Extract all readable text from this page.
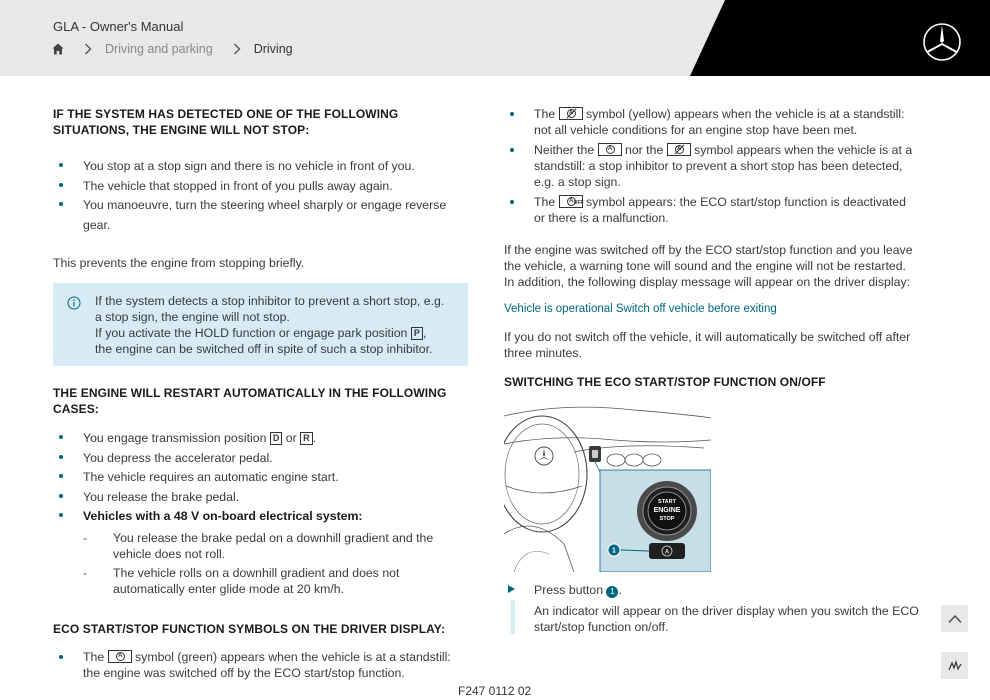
GLA - Owner's Manual
Driving and parking	Driving
IF THE SYSTEM HAS DETECTED ONE OF THE FOLLOWING SITUATIONS, THE ENGINE WILL NOT STOP:
You stop at a stop sign and there is no vehicle in front of you.
The vehicle that stopped in front of you pulls away again.
You manoeuvre, turn the steering wheel sharply or engage reverse gear.

This prevents the engine from stopping briefly.

If the system detects a stop inhibitor to prevent a short stop, e.g. a stop sign, the engine will not stop.

If you activate the HOLD function or engage park position P ,

the engine can be switched off in spite of such a stop inhibitor.

THE ENGINE WILL RESTART AUTOMATICALLY IN THE FOLLOWING CASES:
You engage transmission position D or R .
You depress the accelerator pedal.
The vehicle requires an automatic engine start.
You release the brake pedal.
Vehicles with a 48 V on-board electrical system:
- You release the brake pedal on a downhill gradient and the vehicle does not roll.
- The vehicle rolls on a downhill gradient and does not automatically enter glide mode at 20 km/h.
ECO START/STOP FUNCTION SYMBOLS ON THE DRIVER DISPLAY:
The	A symbol (green) appears when the vehicle is at a standstill: the engine was switched off by the ECO start/stop function.
The
symbol (yellow) appears when the vehicle is at a standstill: not all vehicle conditions for an engine stop have been met.
Neither the	A nor the
symbol appears when the vehicle is at a standstill: a stop inhibitor to prevent a short stop has been detected, e.g. a stop sign.
The	A OFF symbol appears: the ECO start/stop function is deactivated or there is a malfunction.

If the engine was switched off by the ECO start/stop function and you leave the vehicle, a warning tone will sound and the engine will not be restarted. In addition, the following display message will appear on the driver display:

Vehicle is operational Switch off vehicle before exiting

If you do not switch off the vehicle, it will automatically be switched off after three minutes.

SWITCHING THE ECO START/STOP FUNCTION ON/OFF
START
ENGINE
STOP
A
1
Press button 1 .

An indicator will appear on the driver display when you switch the ECO start/stop function on/off.

F247 0112 02
